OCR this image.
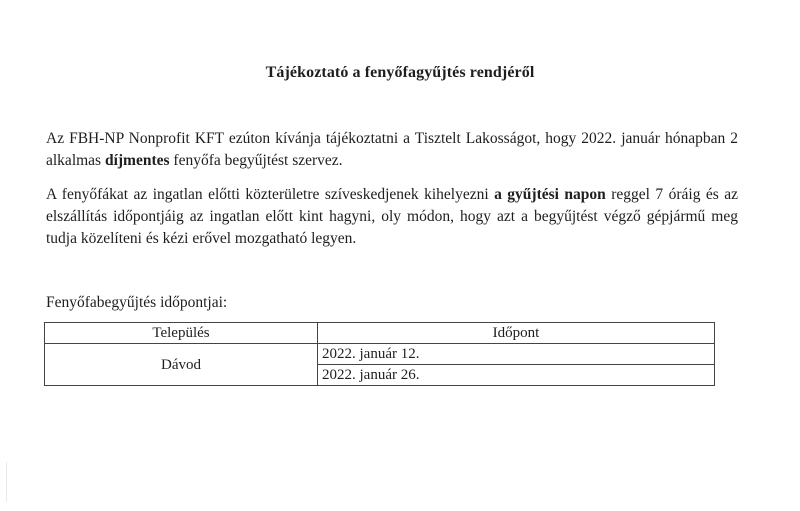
Tájékoztató a fenyőfagyűjtés rendjéről

Az FBH-NP Nonprofit KFT ezúton kívánja tájékoztatni a Tisztelt Lakosságot, hogy 2022. január hónapban 2 alkalmas díjmentes fenyőfa begyűjtést szervez.

A fenyőfákat az ingatlan előtti közterületre szíveskedjenek kihelyezni a gyűjtési napon reggel 7 óráig és az elszállítás időpontjáig az ingatlan előtt kint hagyni, oly módon, hogy azt a begyűjtést végző gépjármű meg tudja közelíteni és kézi erővel mozgatható legyen.

Fenyőfabegyűjtés időpontjai:
Település	Időpont
Dávod	2022. január 12.
	2022. január 26.
